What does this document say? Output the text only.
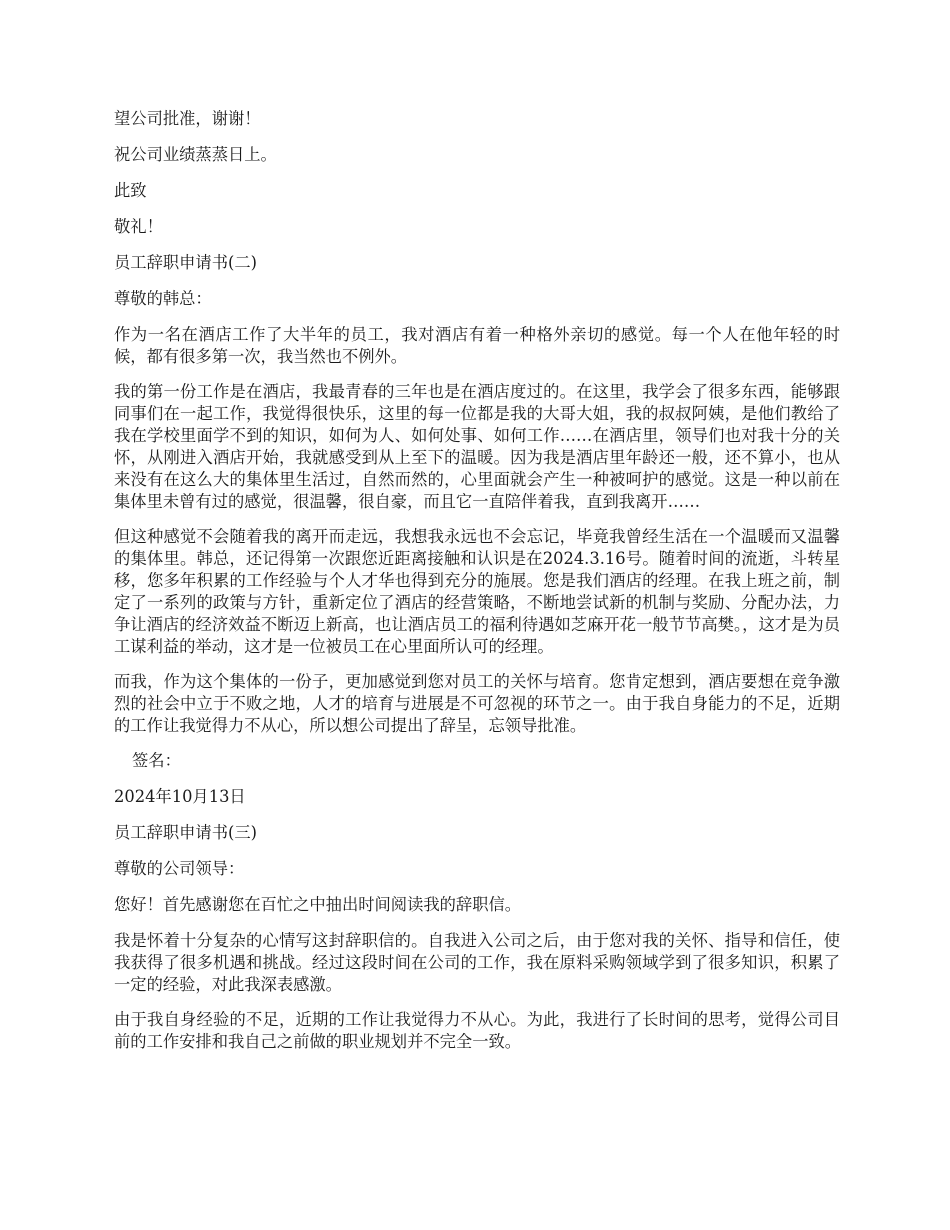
望公司批准，谢谢！

祝公司业绩蒸蒸日上。

此致

敬礼！

员工辞职申请书(二)

尊敬的韩总：

作为一名在酒店工作了大半年的员工，我对酒店有着一种格外亲切的感觉。每一个人在他年轻的时候，都有很多第一次，我当然也不例外。

我的第一份工作是在酒店，我最青春的三年也是在酒店度过的。在这里，我学会了很多东西，能够跟同事们在一起工作，我觉得很快乐，这里的每一位都是我的大哥大姐，我的叔叔阿姨，是他们教给了我在学校里面学不到的知识，如何为人、如何处事、如何工作……在酒店里，领导们也对我十分的关怀，从刚进入酒店开始，我就感受到从上至下的温暖。因为我是酒店里年龄还一般，还不算小，也从来没有在这么大的集体里生活过，自然而然的，心里面就会产生一种被呵护的感觉。这是一种以前在集体里未曾有过的感觉，很温馨，很自豪，而且它一直陪伴着我，直到我离开……

但这种感觉不会随着我的离开而走远，我想我永远也不会忘记，毕竟我曾经生活在一个温暖而又温馨的集体里。韩总，还记得第一次跟您近距离接触和认识是在2024.3.16号。随着时间的流逝，斗转星移，您多年积累的工作经验与个人才华也得到充分的施展。您是我们酒店的经理。在我上班之前，制定了一系列的政策与方针，重新定位了酒店的经营策略，不断地尝试新的机制与奖励、分配办法，力争让酒店的经济效益不断迈上新高，也让酒店员工的福利待遇如芝麻开花一般节节高樊。，这才是为员工谋利益的举动，这才是一位被员工在心里面所认可的经理。

而我，作为这个集体的一份子，更加感觉到您对员工的关怀与培育。您肯定想到，酒店要想在竞争激烈的社会中立于不败之地，人才的培育与进展是不可忽视的环节之一。由于我自身能力的不足，近期的工作让我觉得力不从心，所以想公司提出了辞呈，忘领导批准。

签名：

2024年10月13日

员工辞职申请书(三)

尊敬的公司领导：

您好！首先感谢您在百忙之中抽出时间阅读我的辞职信。

我是怀着十分复杂的心情写这封辞职信的。自我进入公司之后，由于您对我的关怀、指导和信任，使我获得了很多机遇和挑战。经过这段时间在公司的工作，我在原料采购领域学到了很多知识，积累了一定的经验，对此我深表感激。

由于我自身经验的不足，近期的工作让我觉得力不从心。为此，我进行了长时间的思考，觉得公司目前的工作安排和我自己之前做的职业规划并不完全一致。
